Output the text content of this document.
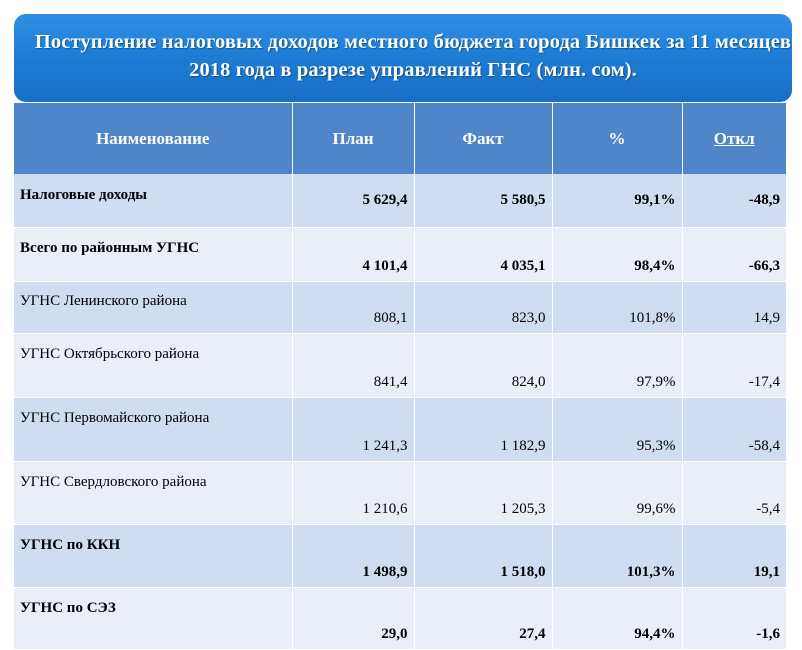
Поступление налоговых доходов местного бюджета города Бишкек за 11 месяцев 2018 года в разрезе управлений ГНС (млн. сом).
Наименование	План	Факт	%	Откл
Налоговые доходы	5 629,4	5 580,5	99,1%	-48,9
Всего по районным УГНС	4 101,4	4 035,1	98,4%	-66,3
УГНС Ленинского района	808,1	823,0	101,8%	14,9
УГНС Октябрьского района	841,4	824,0	97,9%	-17,4
УГНС Первомайского района	1 241,3	1 182,9	95,3%	-58,4
УГНС Свердловского района	1 210,6	1 205,3	99,6%	-5,4
УГНС по ККН	1 498,9	1 518,0	101,3%	19,1
УГНС по СЭЗ	29,0	27,4	94,4%	-1,6
